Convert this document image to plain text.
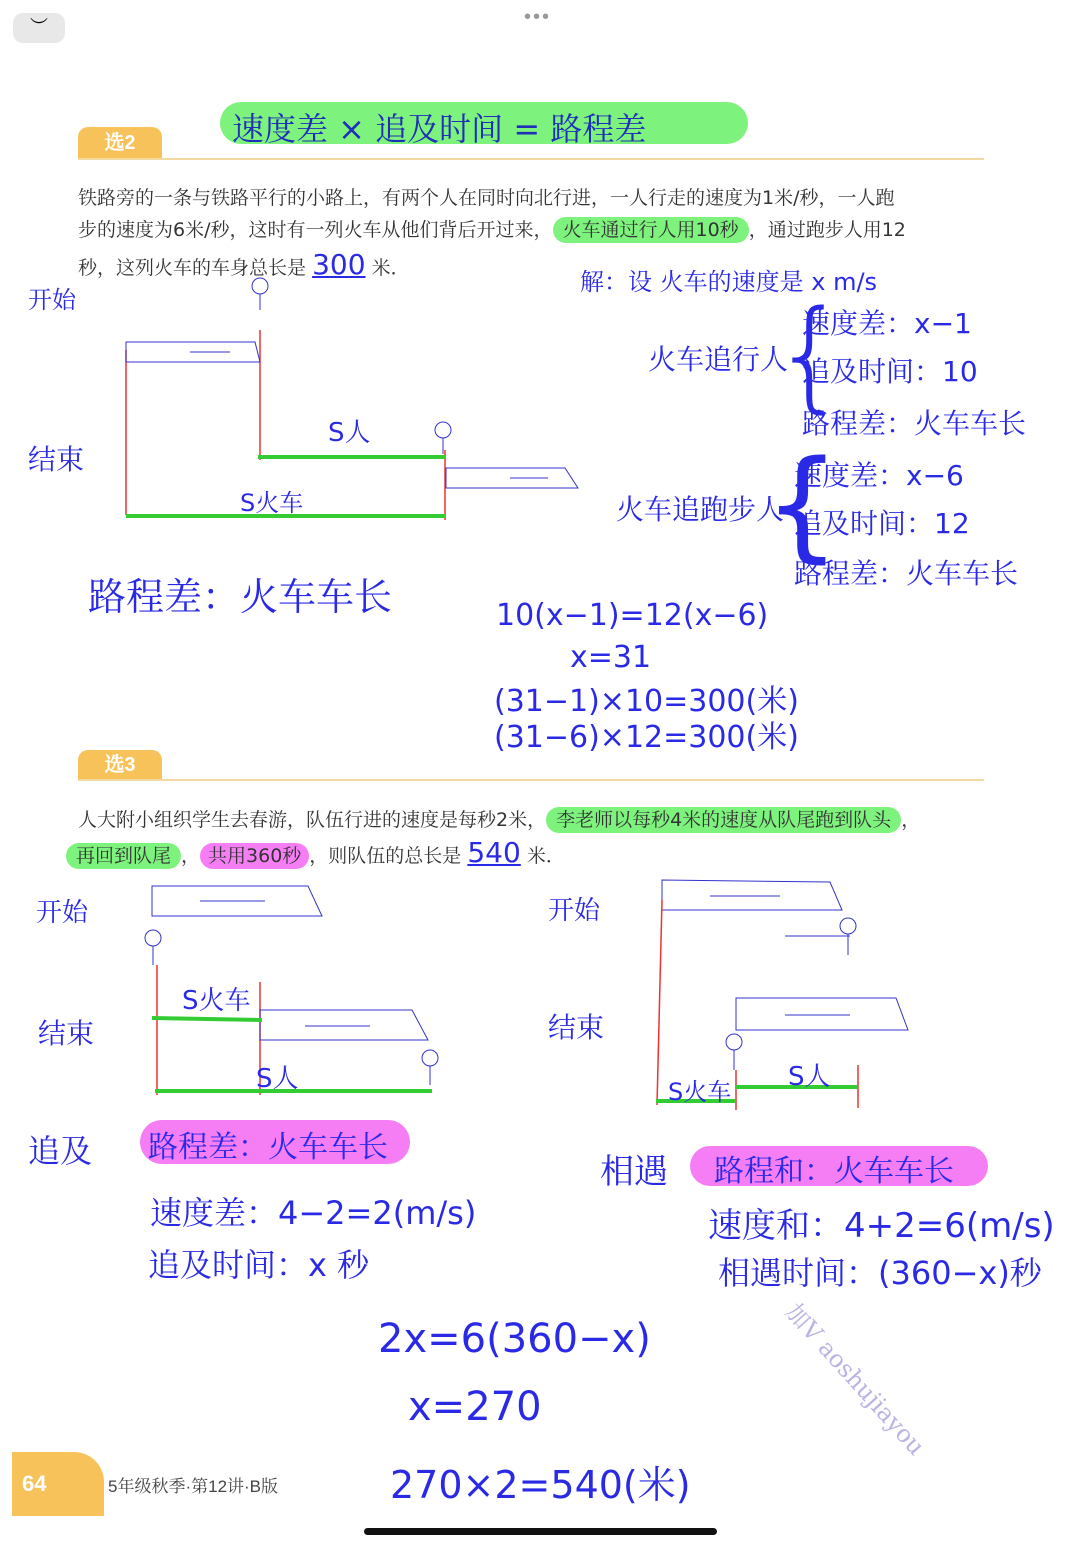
•••
︶
选2	速度差 × 追及时间 = 路程差
铁路旁的一条与铁路平行的小路上，有两个人在同时向北行进，一人行走的速度为1米/秒，一人跑
步的速度为6米/秒，这时有一列火车从他们背后开过来， 火车通过行人用10秒 ，通过跑步人用12
秒，这列火车的车身总长是 300 米．
开始
结束
S人
S火车
路程差：火车车长
解：设 火车的速度是 x m/s
火车追行人
{
速度差：x−1
追及时间：10
路程差：火车车长
火车追跑步人
{
速度差：x−6
追及时间：12
路程差：火车车长
10(x−1)=12(x−6)
x=31
(31−1)×10=300(米)
(31−6)×12=300(米)
选3
人大附小组织学生去春游，队伍行进的速度是每秒2米， 李老师以每秒4米的速度从队尾跑到队头 ，
再回到队尾 ， 共用360秒 ，则队伍的总长是 540 米．
开始
结束
S火车
S人
开始
结束
S火车 S人
追及 路程差：火车车长
速度差：4−2=2(m/s)
追及时间：x 秒
相遇 路程和：火车车长
速度和：4+2=6(m/s)
相遇时间：(360−x)秒
2x=6(360−x)
x=270
270×2=540(米)
加V aoshujiayou
64	5年级秋季·第12讲·B版
